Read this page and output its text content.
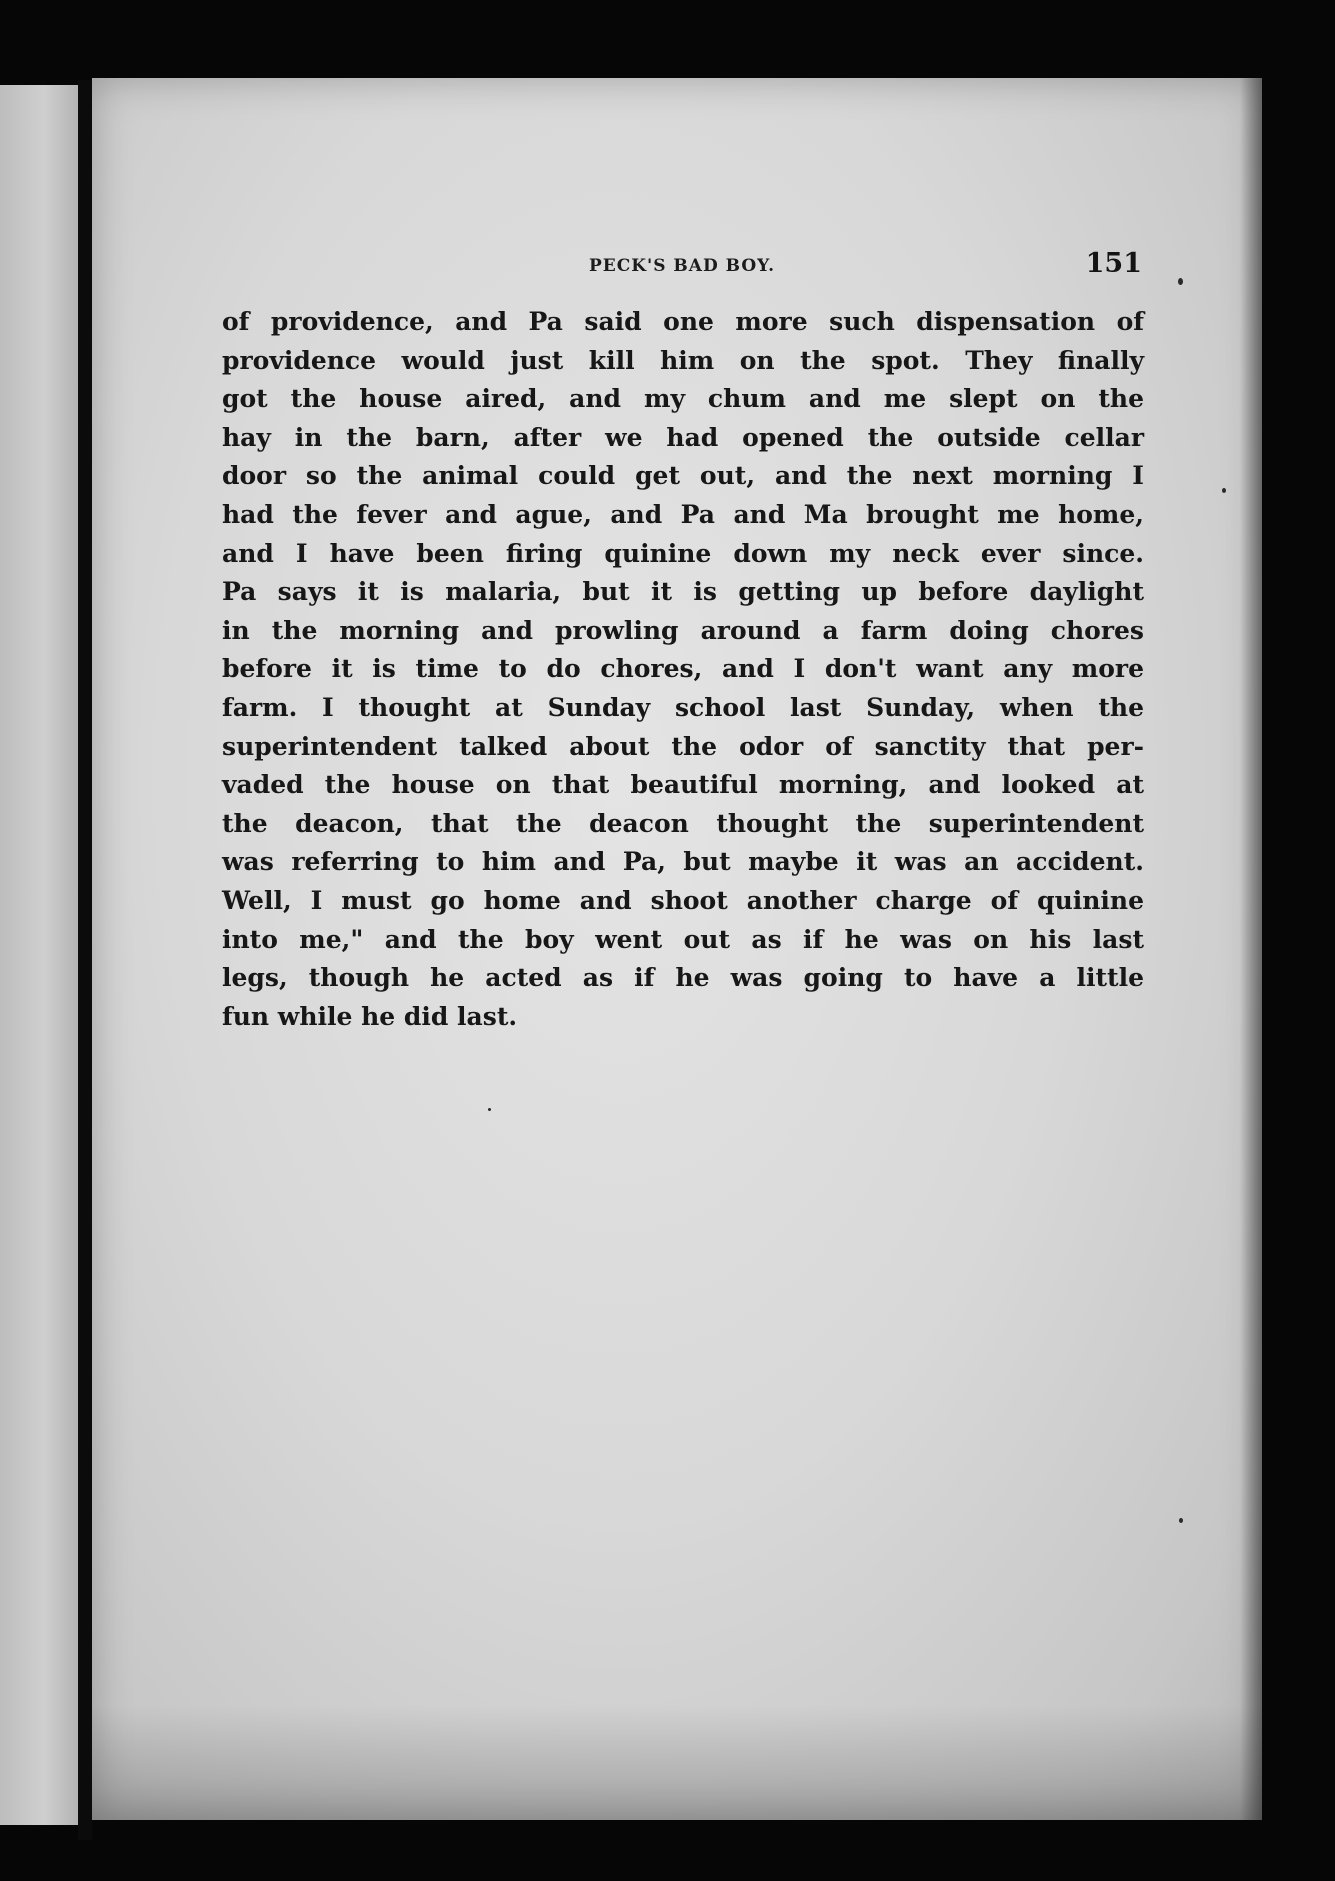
PECK'S BAD BOY.	151
of providence, and Pa said one more such dispensation of
providence would just kill him on the spot. They finally
got the house aired, and my chum and me slept on the
hay in the barn, after we had opened the outside cellar
door so the animal could get out, and the next morning I
had the fever and ague, and Pa and Ma brought me home,
and I have been firing quinine down my neck ever since.
Pa says it is malaria, but it is getting up before daylight
in the morning and prowling around a farm doing chores
before it is time to do chores, and I don't want any more
farm. I thought at Sunday school last Sunday, when the
superintendent talked about the odor of sanctity that per-
vaded the house on that beautiful morning, and looked at
the deacon, that the deacon thought the superintendent
was referring to him and Pa, but maybe it was an accident.
Well, I must go home and shoot another charge of quinine
into me," and the boy went out as if he was on his last
legs, though he acted as if he was going to have a little
fun while he did last.
